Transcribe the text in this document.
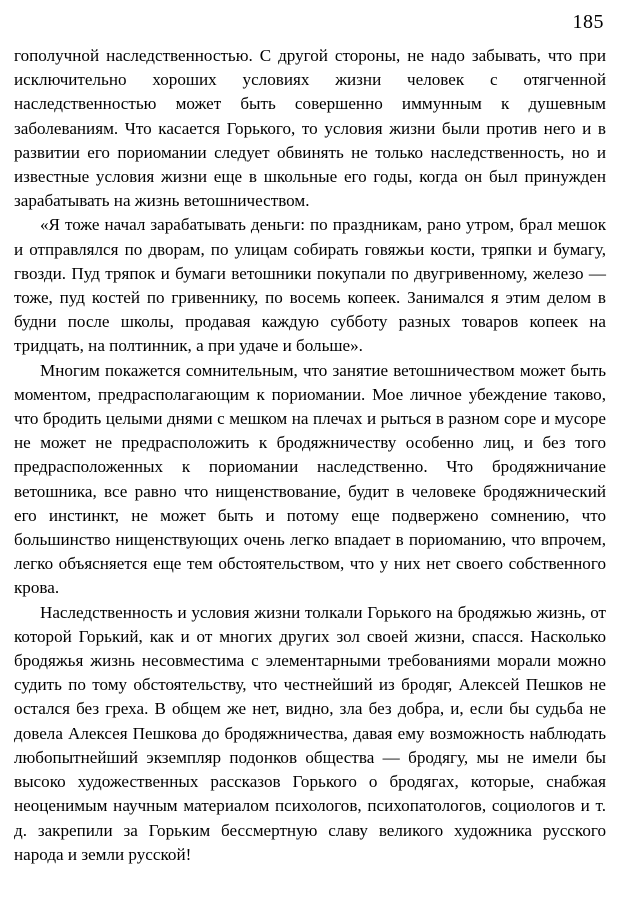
185

гополучной наследственностью. С другой стороны, не надо забывать, что при исключительно хороших условиях жизни человек с отягченной наследственностью может быть совершенно иммунным к душевным заболеваниям. Что касается Горького, то условия жизни были против него и в развитии его пориомании следует обвинять не только наследственность, но и известные условия жизни еще в школьные его годы, когда он был принужден зарабатывать на жизнь ветошничеством.

«Я тоже начал зарабатывать деньги: по праздникам, рано утром, брал мешок и отправлялся по дворам, по улицам собирать говяжьи кости, тряпки и бумагу, гвозди. Пуд тряпок и бумаги ветошники покупали по двугривенному, железо — тоже, пуд костей по гривеннику, по восемь копеек. Занимался я этим делом в будни после школы, продавая каждую субботу разных товаров копеек на тридцать, на полтинник, а при удаче и больше».

Многим покажется сомнительным, что занятие ветошничеством может быть моментом, предрасполагающим к пориомании. Мое личное убеждение таково, что бродить целыми днями с мешком на плечах и рыться в разном соре и мусоре не может не предрасположить к бродяжничеству особенно лиц, и без того предрасположенных к пориомании наследственно. Что бродяжничание ветошника, все равно что нищенствование, будит в человеке бродяжнический его инстинкт, не может быть и потому еще подвержено сомнению, что большинство нищенствующих очень легко впадает в пориоманию, что впрочем, легко объясняется еще тем обстоятельством, что у них нет своего собственного крова.

Наследственность и условия жизни толкали Горького на бродяжью жизнь, от которой Горький, как и от многих других зол своей жизни, спасся. Насколько бродяжья жизнь несовместима с элементарными требованиями морали можно судить по тому обстоятельству, что честнейший из бродяг, Алексей Пешков не остался без греха. В общем же нет, видно, зла без добра, и, если бы судьба не довела Алексея Пешкова до бродяжничества, давая ему возможность наблюдать любопытнейший экземпляр подонков общества — бродягу, мы не имели бы высоко художественных рассказов Горького о бродягах, которые, снабжая неоценимым научным материалом психологов, психопатологов, социологов и т. д. закрепили за Горьким бессмертную славу великого художника русского народа и земли русской!
